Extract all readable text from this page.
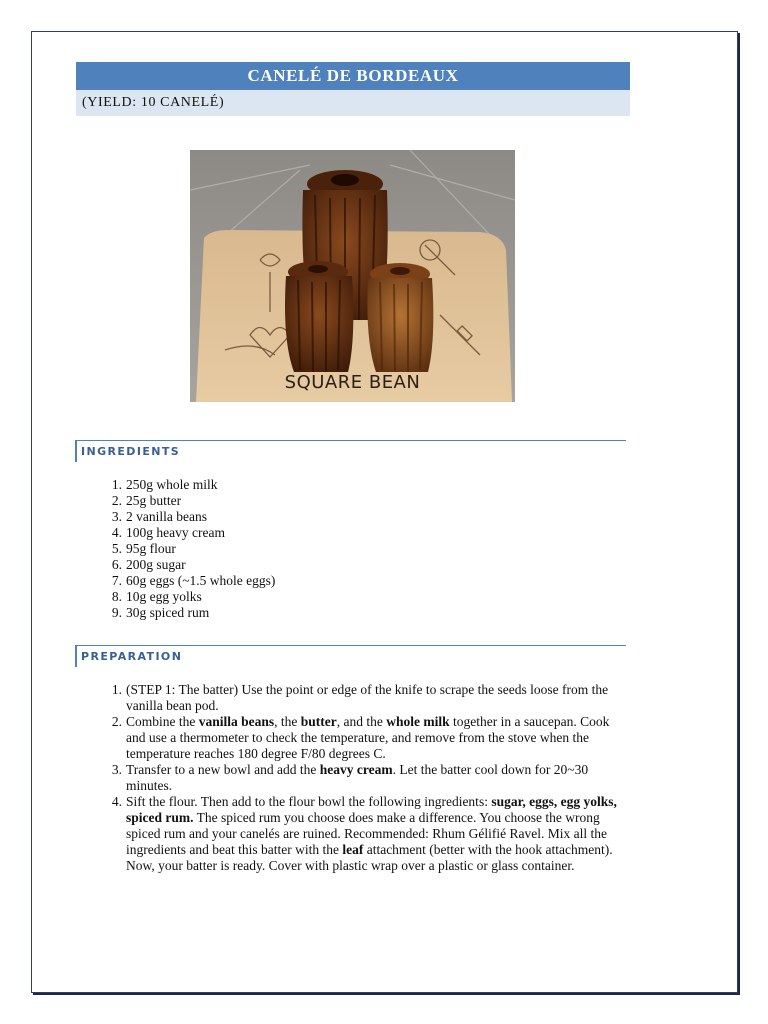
CANELÉ DE BORDEAUX
(YIELD: 10 CANELÉ)
SQUARE BEAN
INGREDIENTS
1. 250g whole milk
2. 25g butter
3. 2 vanilla beans
4. 100g heavy cream
5. 95g flour
6. 200g sugar
7. 60g eggs (~1.5 whole eggs)
8. 10g egg yolks
9. 30g spiced rum
PREPARATION
1. (STEP 1: The batter) Use the point or edge of the knife to scrape the seeds loose from the vanilla bean pod.
2. Combine the vanilla beans, the butter, and the whole milk together in a saucepan. Cook and use a thermometer to check the temperature, and remove from the stove when the temperature reaches 180 degree F/80 degrees C.
3. Transfer to a new bowl and add the heavy cream. Let the batter cool down for 20~30 minutes.
4. Sift the flour. Then add to the flour bowl the following ingredients: sugar, eggs, egg yolks, spiced rum. The spiced rum you choose does make a difference. You choose the wrong spiced rum and your canelés are ruined. Recommended: Rhum Gélifié Ravel. Mix all the ingredients and beat this batter with the leaf attachment (better with the hook attachment). Now, your batter is ready. Cover with plastic wrap over a plastic or glass container.
